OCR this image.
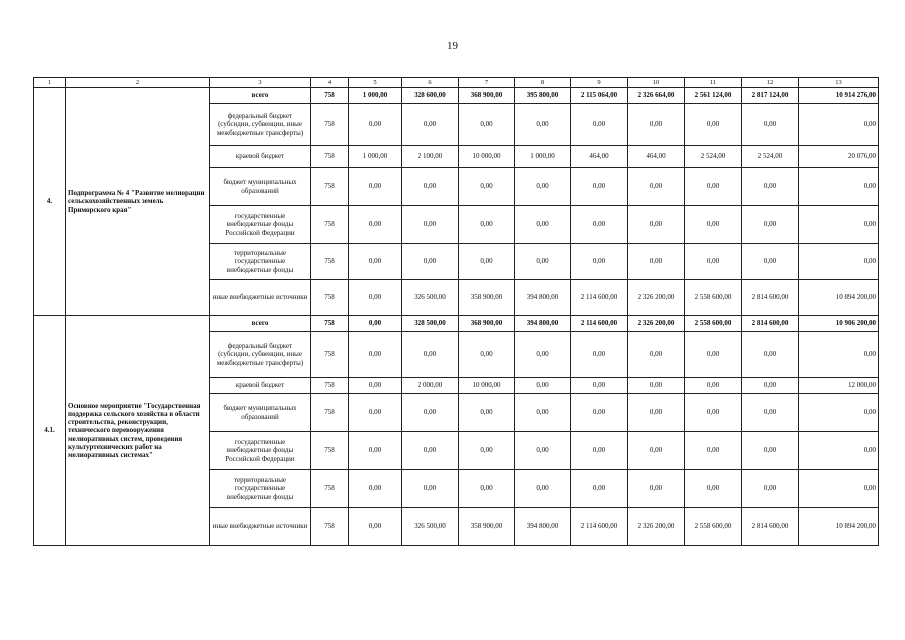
19
1	2	3	4	5	6	7	8	9	10	11	12	13
4.	Подпрограмма № 4 "Развитие мелиорации сельскохозяйственных земель Приморского края"	всего	758	1 000,00	328 600,00	368 900,00	395 800,00	2 115 064,00	2 326 664,00	2 561 124,00	2 817 124,00	10 914 276,00
		федеральный бюджет (субсидии, субвенции, иные межбюджетные трансферты)	758	0,00	0,00	0,00	0,00	0,00	0,00	0,00	0,00	0,00
		краевой бюджет	758	1 000,00	2 100,00	10 000,00	1 000,00	464,00	464,00	2 524,00	2 524,00	20 076,00
		бюджет муниципальных образований	758	0,00	0,00	0,00	0,00	0,00	0,00	0,00	0,00	0,00
		государственные внебюджетные фонды Российской Федерации	758	0,00	0,00	0,00	0,00	0,00	0,00	0,00	0,00	0,00
		территориальные государственные внебюджетные фонды	758	0,00	0,00	0,00	0,00	0,00	0,00	0,00	0,00	0,00
		иные внебюджетные источники	758	0,00	326 500,00	358 900,00	394 800,00	2 114 600,00	2 326 200,00	2 558 600,00	2 814 600,00	10 894 200,00
4.1.	Основное мероприятие "Государственная поддержка сельского хозяйства в области строительства, реконструкции, технического перевооружения мелиоративных систем, проведения культуртехнических работ на мелиоративных системах"	всего	758	0,00	328 500,00	368 900,00	394 800,00	2 114 600,00	2 326 200,00	2 558 600,00	2 814 600,00	10 906 200,00
		федеральный бюджет (субсидии, субвенции, иные межбюджетные трансферты)	758	0,00	0,00	0,00	0,00	0,00	0,00	0,00	0,00	0,00
		краевой бюджет	758	0,00	2 000,00	10 000,00	0,00	0,00	0,00	0,00	0,00	12 000,00
		бюджет муниципальных образований	758	0,00	0,00	0,00	0,00	0,00	0,00	0,00	0,00	0,00
		государственные внебюджетные фонды Российской Федерации	758	0,00	0,00	0,00	0,00	0,00	0,00	0,00	0,00	0,00
		территориальные государственные внебюджетные фонды	758	0,00	0,00	0,00	0,00	0,00	0,00	0,00	0,00	0,00
		иные внебюджетные источники	758	0,00	326 500,00	358 900,00	394 800,00	2 114 600,00	2 326 200,00	2 558 600,00	2 814 600,00	10 894 200,00
